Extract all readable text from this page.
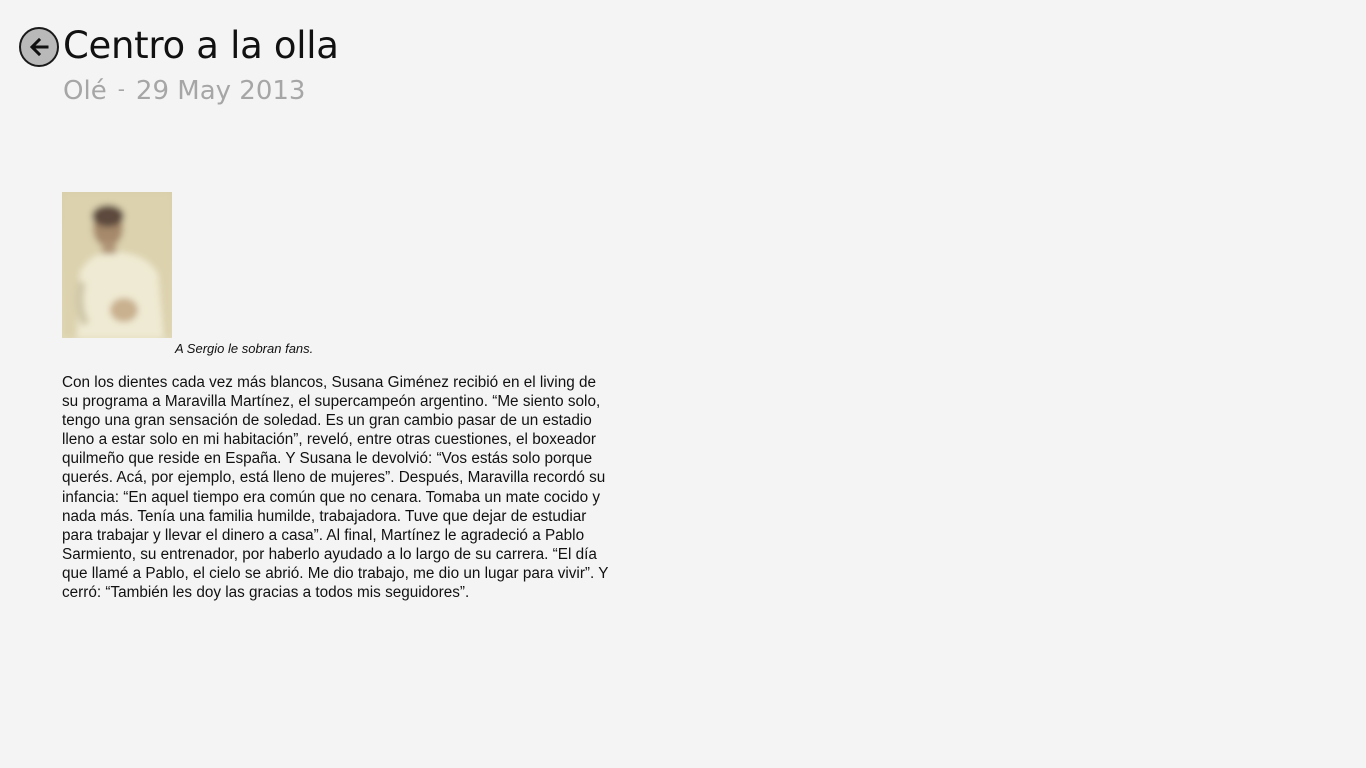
Centro a la olla
Olé - 29 May 2013
A Sergio le sobran fans.

Con los dientes cada vez más blancos, Susana Giménez recibió en el living de su programa a Maravilla Martínez, el supercampeón argentino. “Me siento solo, tengo una gran sensación de soledad. Es un gran cambio pasar de un estadio lleno a estar solo en mi habitación”, reveló, entre otras cuestiones, el boxeador quilmeño que reside en España. Y Susana le devolvió: “Vos estás solo porque querés. Acá, por ejemplo, está lleno de mujeres”. Después, Maravilla recordó su infancia: “En aquel tiempo era común que no cenara. Tomaba un mate cocido y nada más. Tenía una familia humilde, trabajadora. Tuve que dejar de estudiar para trabajar y llevar el dinero a casa”. Al final, Martínez le agradeció a Pablo Sarmiento, su entrenador, por haberlo ayudado a lo largo de su carrera. “El día que llamé a Pablo, el cielo se abrió. Me dio trabajo, me dio un lugar para vivir”. Y cerró: “También les doy las gracias a todos mis seguidores”.
